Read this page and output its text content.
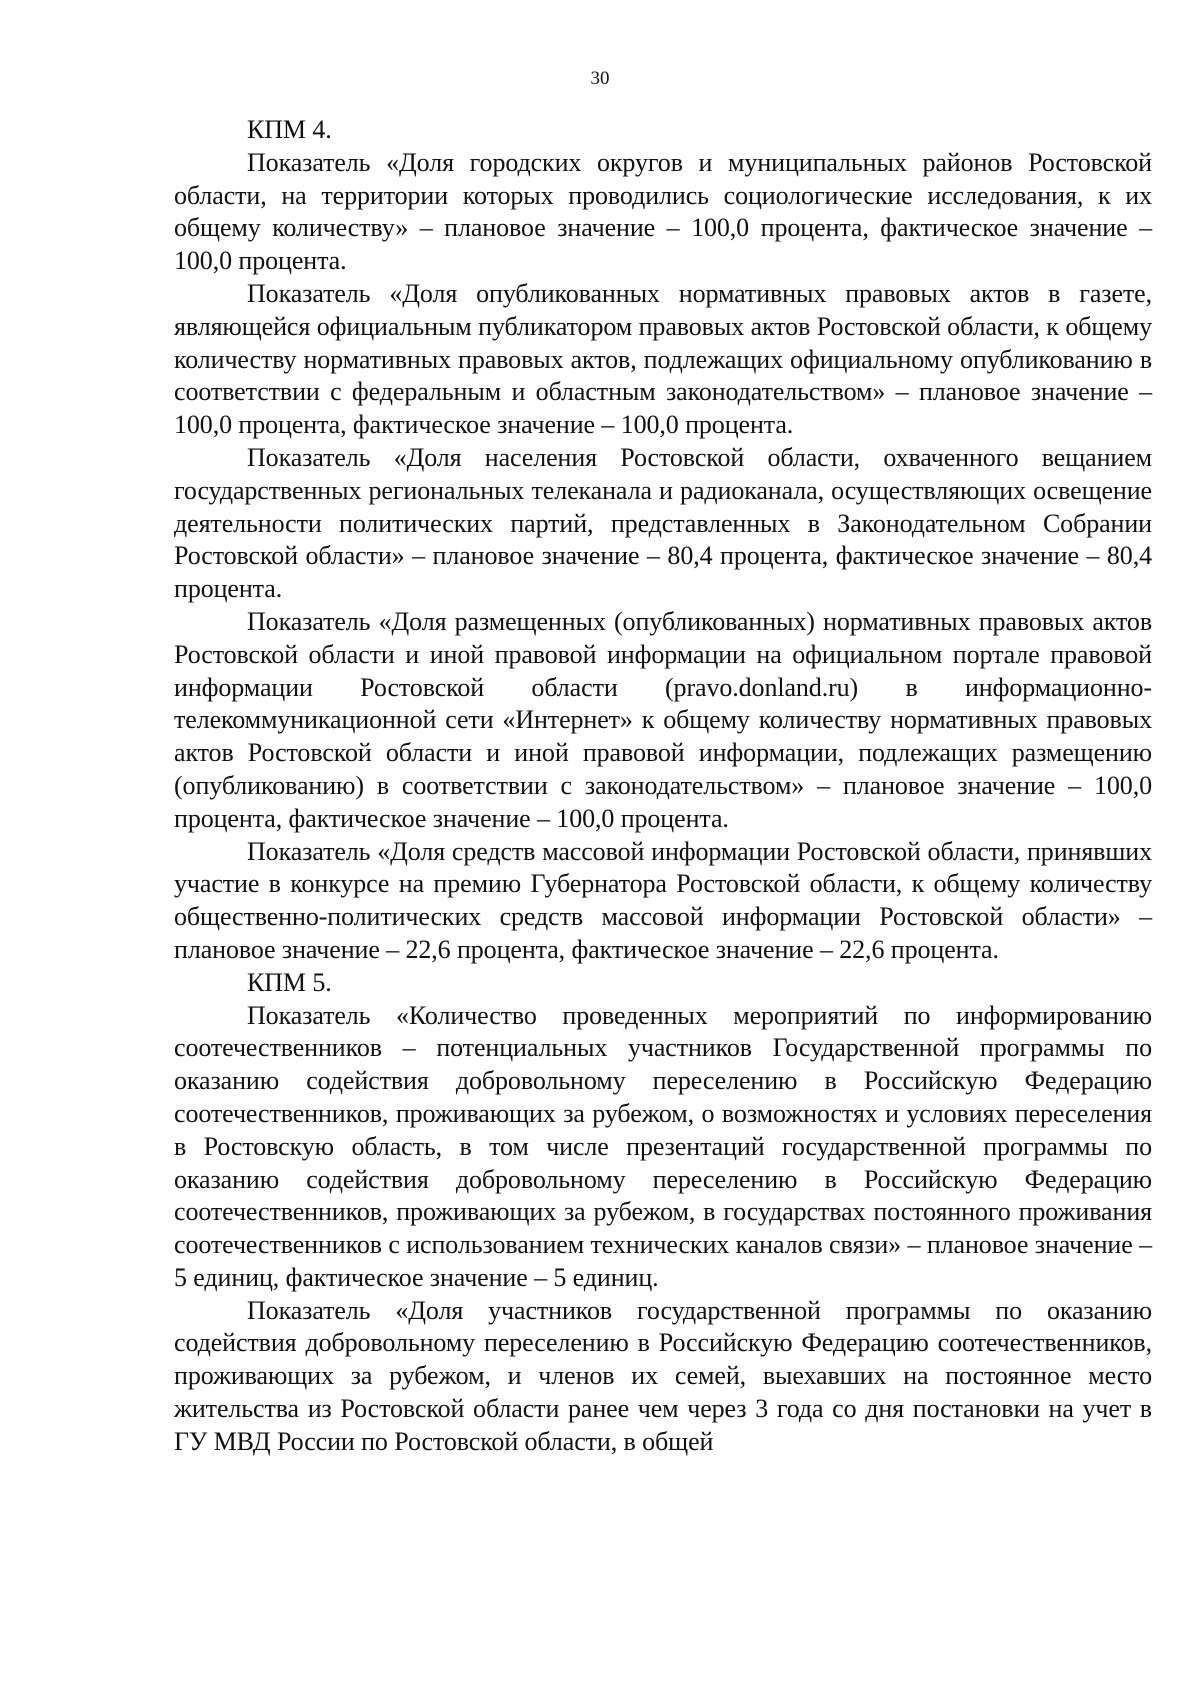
30

КПМ 4.

Показатель «Доля городских округов и муниципальных районов Ростовской области, на территории которых проводились социологические исследования, к их общему количеству» – плановое значение – 100,0 процента, фактическое значение – 100,0 процента.

Показатель «Доля опубликованных нормативных правовых актов в газете, являющейся официальным публикатором правовых актов Ростовской области, к общему количеству нормативных правовых актов, подлежащих официальному опубликованию в соответствии с федеральным и областным законодательством» – плановое значение – 100,0 процента, фактическое значение – 100,0 процента.

Показатель «Доля населения Ростовской области, охваченного вещанием государственных региональных телеканала и радиоканала, осуществляющих освещение деятельности политических партий, представленных в Законодательном Собрании Ростовской области» – плановое значение – 80,4 процента, фактическое значение – 80,4 процента.

Показатель «Доля размещенных (опубликованных) нормативных правовых актов Ростовской области и иной правовой информации на официальном портале правовой информации Ростовской области (pravo.donland.ru) в информационно-телекоммуникационной сети «Интернет» к общему количеству нормативных правовых актов Ростовской области и иной правовой информации, подлежащих размещению (опубликованию) в соответствии с законодательством» – плановое значение – 100,0 процента, фактическое значение – 100,0 процента.

Показатель «Доля средств массовой информации Ростовской области, принявших участие в конкурсе на премию Губернатора Ростовской области, к общему количеству общественно-политических средств массовой информации Ростовской области» – плановое значение – 22,6 процента, фактическое значение – 22,6 процента.

КПМ 5.

Показатель «Количество проведенных мероприятий по информированию соотечественников – потенциальных участников Государственной программы по оказанию содействия добровольному переселению в Российскую Федерацию соотечественников, проживающих за рубежом, о возможностях и условиях переселения в Ростовскую область, в том числе презентаций государственной программы по оказанию содействия добровольному переселению в Российскую Федерацию соотечественников, проживающих за рубежом, в государствах постоянного проживания соотечественников с использованием технических каналов связи» – плановое значение – 5 единиц, фактическое значение – 5 единиц.

Показатель «Доля участников государственной программы по оказанию содействия добровольному переселению в Российскую Федерацию соотечественников, проживающих за рубежом, и членов их семей, выехавших на постоянное место жительства из Ростовской области ранее чем через 3 года со дня постановки на учет в ГУ МВД России по Ростовской области, в общей
